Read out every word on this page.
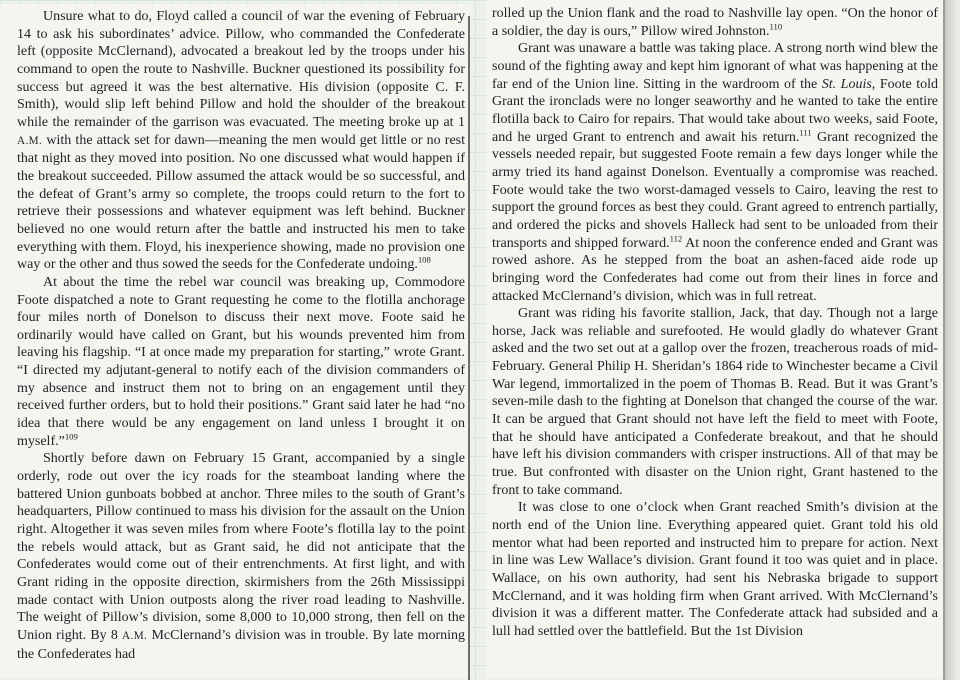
Unsure what to do, Floyd called a council of war the evening of February 14 to ask his subordinates’ advice. Pillow, who commanded the Confederate left (opposite McClernand), advocated a breakout led by the troops under his command to open the route to Nashville. Buckner questioned its possibility for success but agreed it was the best alternative. His division (opposite C. F. Smith), would slip left behind Pillow and hold the shoulder of the breakout while the remainder of the garrison was evacuated. The meeting broke up at 1 A.M. with the attack set for dawn—meaning the men would get little or no rest that night as they moved into position. No one discussed what would happen if the breakout succeeded. Pillow assumed the attack would be so successful, and the defeat of Grant’s army so complete, the troops could return to the fort to retrieve their possessions and whatever equipment was left behind. Buckner believed no one would return after the battle and instructed his men to take everything with them. Floyd, his inexperience showing, made no provision one way or the other and thus sowed the seeds for the Confederate undoing.$^{108}$

At about the time the rebel war council was breaking up, Commodore Foote dispatched a note to Grant requesting he come to the flotilla anchorage four miles north of Donelson to discuss their next move. Foote said he ordinarily would have called on Grant, but his wounds prevented him from leaving his flagship. “I at once made my preparation for starting,” wrote Grant. “I directed my adjutant-general to notify each of the division commanders of my absence and instruct them not to bring on an engagement until they received further orders, but to hold their positions.” Grant said later he had “no idea that there would be any engagement on land unless I brought it on myself.”$^{109}$

Shortly before dawn on February 15 Grant, accompanied by a single orderly, rode out over the icy roads for the steamboat landing where the battered Union gunboats bobbed at anchor. Three miles to the south of Grant’s headquarters, Pillow continued to mass his division for the assault on the Union right. Altogether it was seven miles from where Foote’s flotilla lay to the point the rebels would attack, but as Grant said, he did not anticipate that the Confederates would come out of their entrenchments. At first light, and with Grant riding in the opposite direction, skirmishers from the 26th Mississippi made contact with Union outposts along the river road leading to Nashville. The weight of Pillow’s division, some 8,000 to 10,000 strong, then fell on the Union right. By 8 A.M. McClernand’s division was in trouble. By late morning the Confederates had

rolled up the Union flank and the road to Nashville lay open. “On the honor of a soldier, the day is ours,” Pillow wired Johnston.$^{110}$

Grant was unaware a battle was taking place. A strong north wind blew the sound of the fighting away and kept him ignorant of what was happening at the far end of the Union line. Sitting in the wardroom of the St. Louis, Foote told Grant the ironclads were no longer seaworthy and he wanted to take the entire flotilla back to Cairo for repairs. That would take about two weeks, said Foote, and he urged Grant to entrench and await his return.$^{111}$ Grant recognized the vessels needed repair, but suggested Foote remain a few days longer while the army tried its hand against Donelson. Eventually a compromise was reached. Foote would take the two worst-damaged vessels to Cairo, leaving the rest to support the ground forces as best they could. Grant agreed to entrench partially, and ordered the picks and shovels Halleck had sent to be unloaded from their transports and shipped forward.$^{112}$ At noon the conference ended and Grant was rowed ashore. As he stepped from the boat an ashen-faced aide rode up bringing word the Confederates had come out from their lines in force and attacked McClernand’s division, which was in full retreat.

Grant was riding his favorite stallion, Jack, that day. Though not a large horse, Jack was reliable and surefooted. He would gladly do whatever Grant asked and the two set out at a gallop over the frozen, treacherous roads of mid-February. General Philip H. Sheridan’s 1864 ride to Winchester became a Civil War legend, immortalized in the poem of Thomas B. Read. But it was Grant’s seven-mile dash to the fighting at Donelson that changed the course of the war. It can be argued that Grant should not have left the field to meet with Foote, that he should have anticipated a Confederate breakout, and that he should have left his division commanders with crisper instructions. All of that may be true. But confronted with disaster on the Union right, Grant hastened to the front to take command.

It was close to one o’clock when Grant reached Smith’s division at the north end of the Union line. Everything appeared quiet. Grant told his old mentor what had been reported and instructed him to prepare for action. Next in line was Lew Wallace’s division. Grant found it too was quiet and in place. Wallace, on his own authority, had sent his Nebraska brigade to support McClernand, and it was holding firm when Grant arrived. With McClernand’s division it was a different matter. The Confederate attack had subsided and a lull had settled over the battlefield. But the 1st Division
